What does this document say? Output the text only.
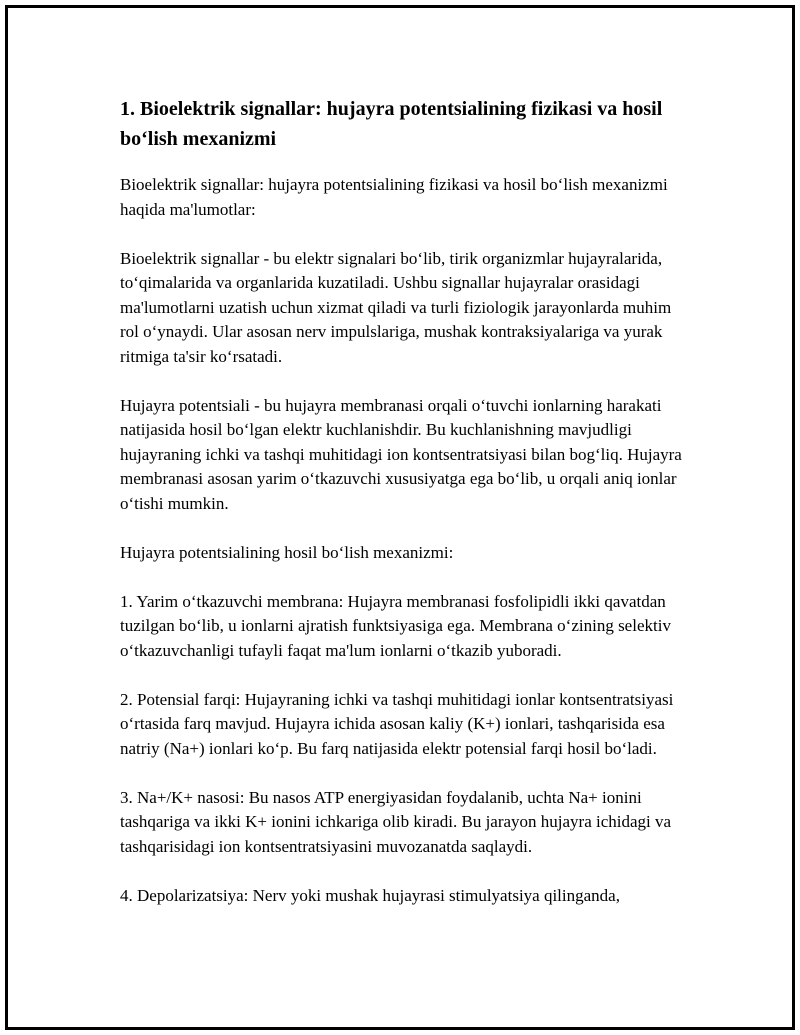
1. Bioelektrik signallar: hujayra potentsialining fizikasi va hosil bo‘lish mexanizmi

Bioelektrik signallar: hujayra potentsialining fizikasi va hosil bo‘lish mexanizmi haqida ma'lumotlar:

Bioelektrik signallar - bu elektr signalari bo‘lib, tirik organizmlar hujayralarida, to‘qimalarida va organlarida kuzatiladi. Ushbu signallar hujayralar orasidagi ma'lumotlarni uzatish uchun xizmat qiladi va turli fiziologik jarayonlarda muhim rol o‘ynaydi. Ular asosan nerv impulslariga, mushak kontraksiyalariga va yurak ritmiga ta'sir ko‘rsatadi.

Hujayra potentsiali - bu hujayra membranasi orqali o‘tuvchi ionlarning harakati natijasida hosil bo‘lgan elektr kuchlanishdir. Bu kuchlanishning mavjudligi hujayraning ichki va tashqi muhitidagi ion kontsentratsiyasi bilan bog‘liq. Hujayra membranasi asosan yarim o‘tkazuvchi xususiyatga ega bo‘lib, u orqali aniq ionlar o‘tishi mumkin.

Hujayra potentsialining hosil bo‘lish mexanizmi:

1. Yarim o‘tkazuvchi membrana: Hujayra membranasi fosfolipidli ikki qavatdan tuzilgan bo‘lib, u ionlarni ajratish funktsiyasiga ega. Membrana o‘zining selektiv o‘tkazuvchanligi tufayli faqat ma'lum ionlarni o‘tkazib yuboradi.

2. Potensial farqi: Hujayraning ichki va tashqi muhitidagi ionlar kontsentratsiyasi o‘rtasida farq mavjud. Hujayra ichida asosan kaliy (K+) ionlari, tashqarisida esa natriy (Na+) ionlari ko‘p. Bu farq natijasida elektr potensial farqi hosil bo‘ladi.

3. Na+/K+ nasosi: Bu nasos ATP energiyasidan foydalanib, uchta Na+ ionini tashqariga va ikki K+ ionini ichkariga olib kiradi. Bu jarayon hujayra ichidagi va tashqarisidagi ion kontsentratsiyasini muvozanatda saqlaydi.

4. Depolarizatsiya: Nerv yoki mushak hujayrasi stimulyatsiya qilinganda,
